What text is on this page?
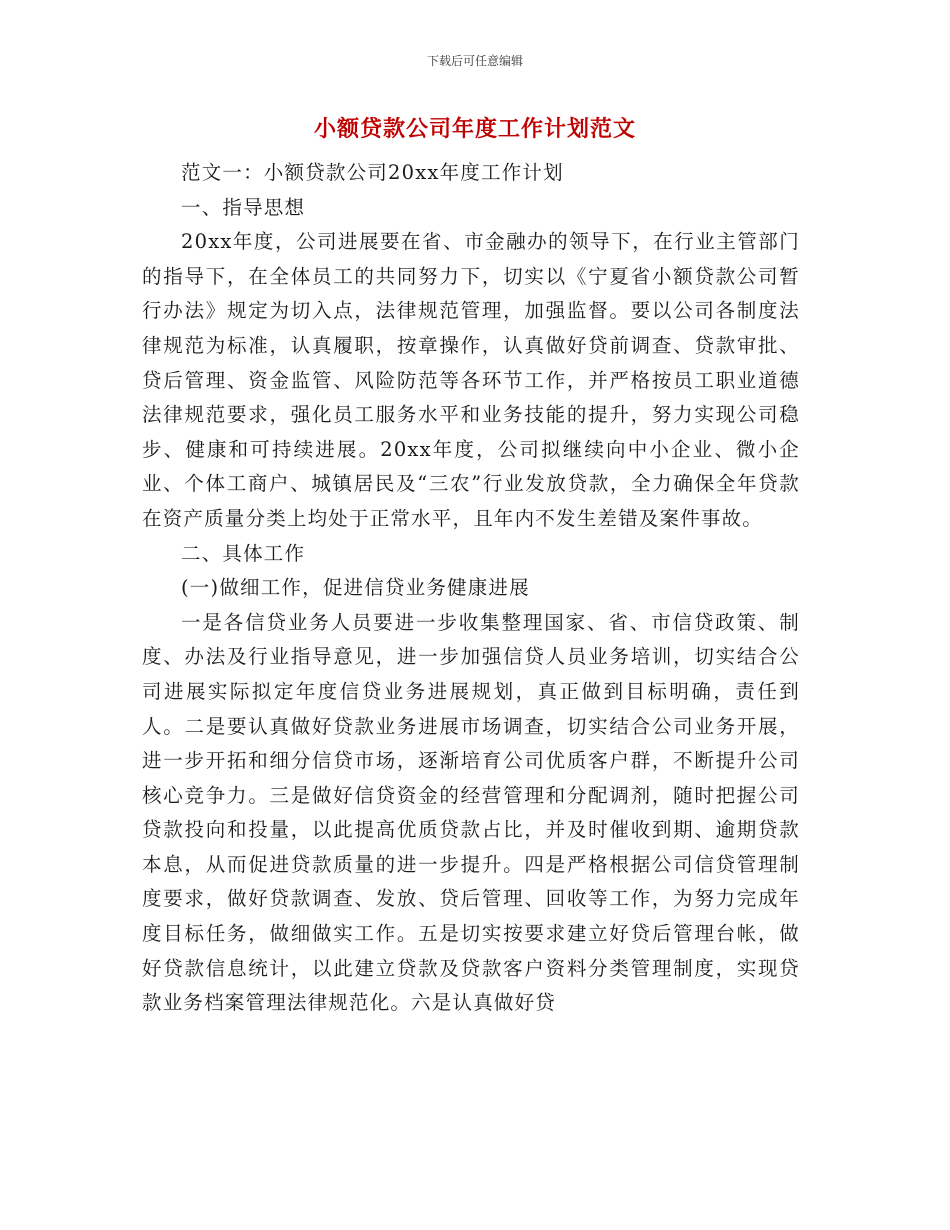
下载后可任意编辑
小额贷款公司年度工作计划范文

范文一：小额贷款公司20xx年度工作计划

一、指导思想

20xx年度，公司进展要在省、市金融办的领导下，在行业主管部门的指导下，在全体员工的共同努力下，切实以《宁夏省小额贷款公司暂行办法》规定为切入点，法律规范管理，加强监督。要以公司各制度法律规范为标准，认真履职，按章操作，认真做好贷前调查、贷款审批、贷后管理、资金监管、风险防范等各环节工作，并严格按员工职业道德法律规范要求，强化员工服务水平和业务技能的提升，努力实现公司稳步、健康和可持续进展。20xx年度，公司拟继续向中小企业、微小企业、个体工商户、城镇居民及“三农”行业发放贷款，全力确保全年贷款在资产质量分类上均处于正常水平，且年内不发生差错及案件事故。

二、具体工作

(一)做细工作，促进信贷业务健康进展

一是各信贷业务人员要进一步收集整理国家、省、市信贷政策、制度、办法及行业指导意见，进一步加强信贷人员业务培训，切实结合公司进展实际拟定年度信贷业务进展规划，真正做到目标明确，责任到人。二是要认真做好贷款业务进展市场调查，切实结合公司业务开展，进一步开拓和细分信贷市场，逐渐培育公司优质客户群，不断提升公司核心竞争力。三是做好信贷资金的经营管理和分配调剂，随时把握公司贷款投向和投量，以此提高优质贷款占比，并及时催收到期、逾期贷款本息，从而促进贷款质量的进一步提升。四是严格根据公司信贷管理制度要求，做好贷款调查、发放、贷后管理、回收等工作，为努力完成年度目标任务，做细做实工作。五是切实按要求建立好贷后管理台帐，做好贷款信息统计，以此建立贷款及贷款客户资料分类管理制度，实现贷款业务档案管理法律规范化。六是认真做好贷
